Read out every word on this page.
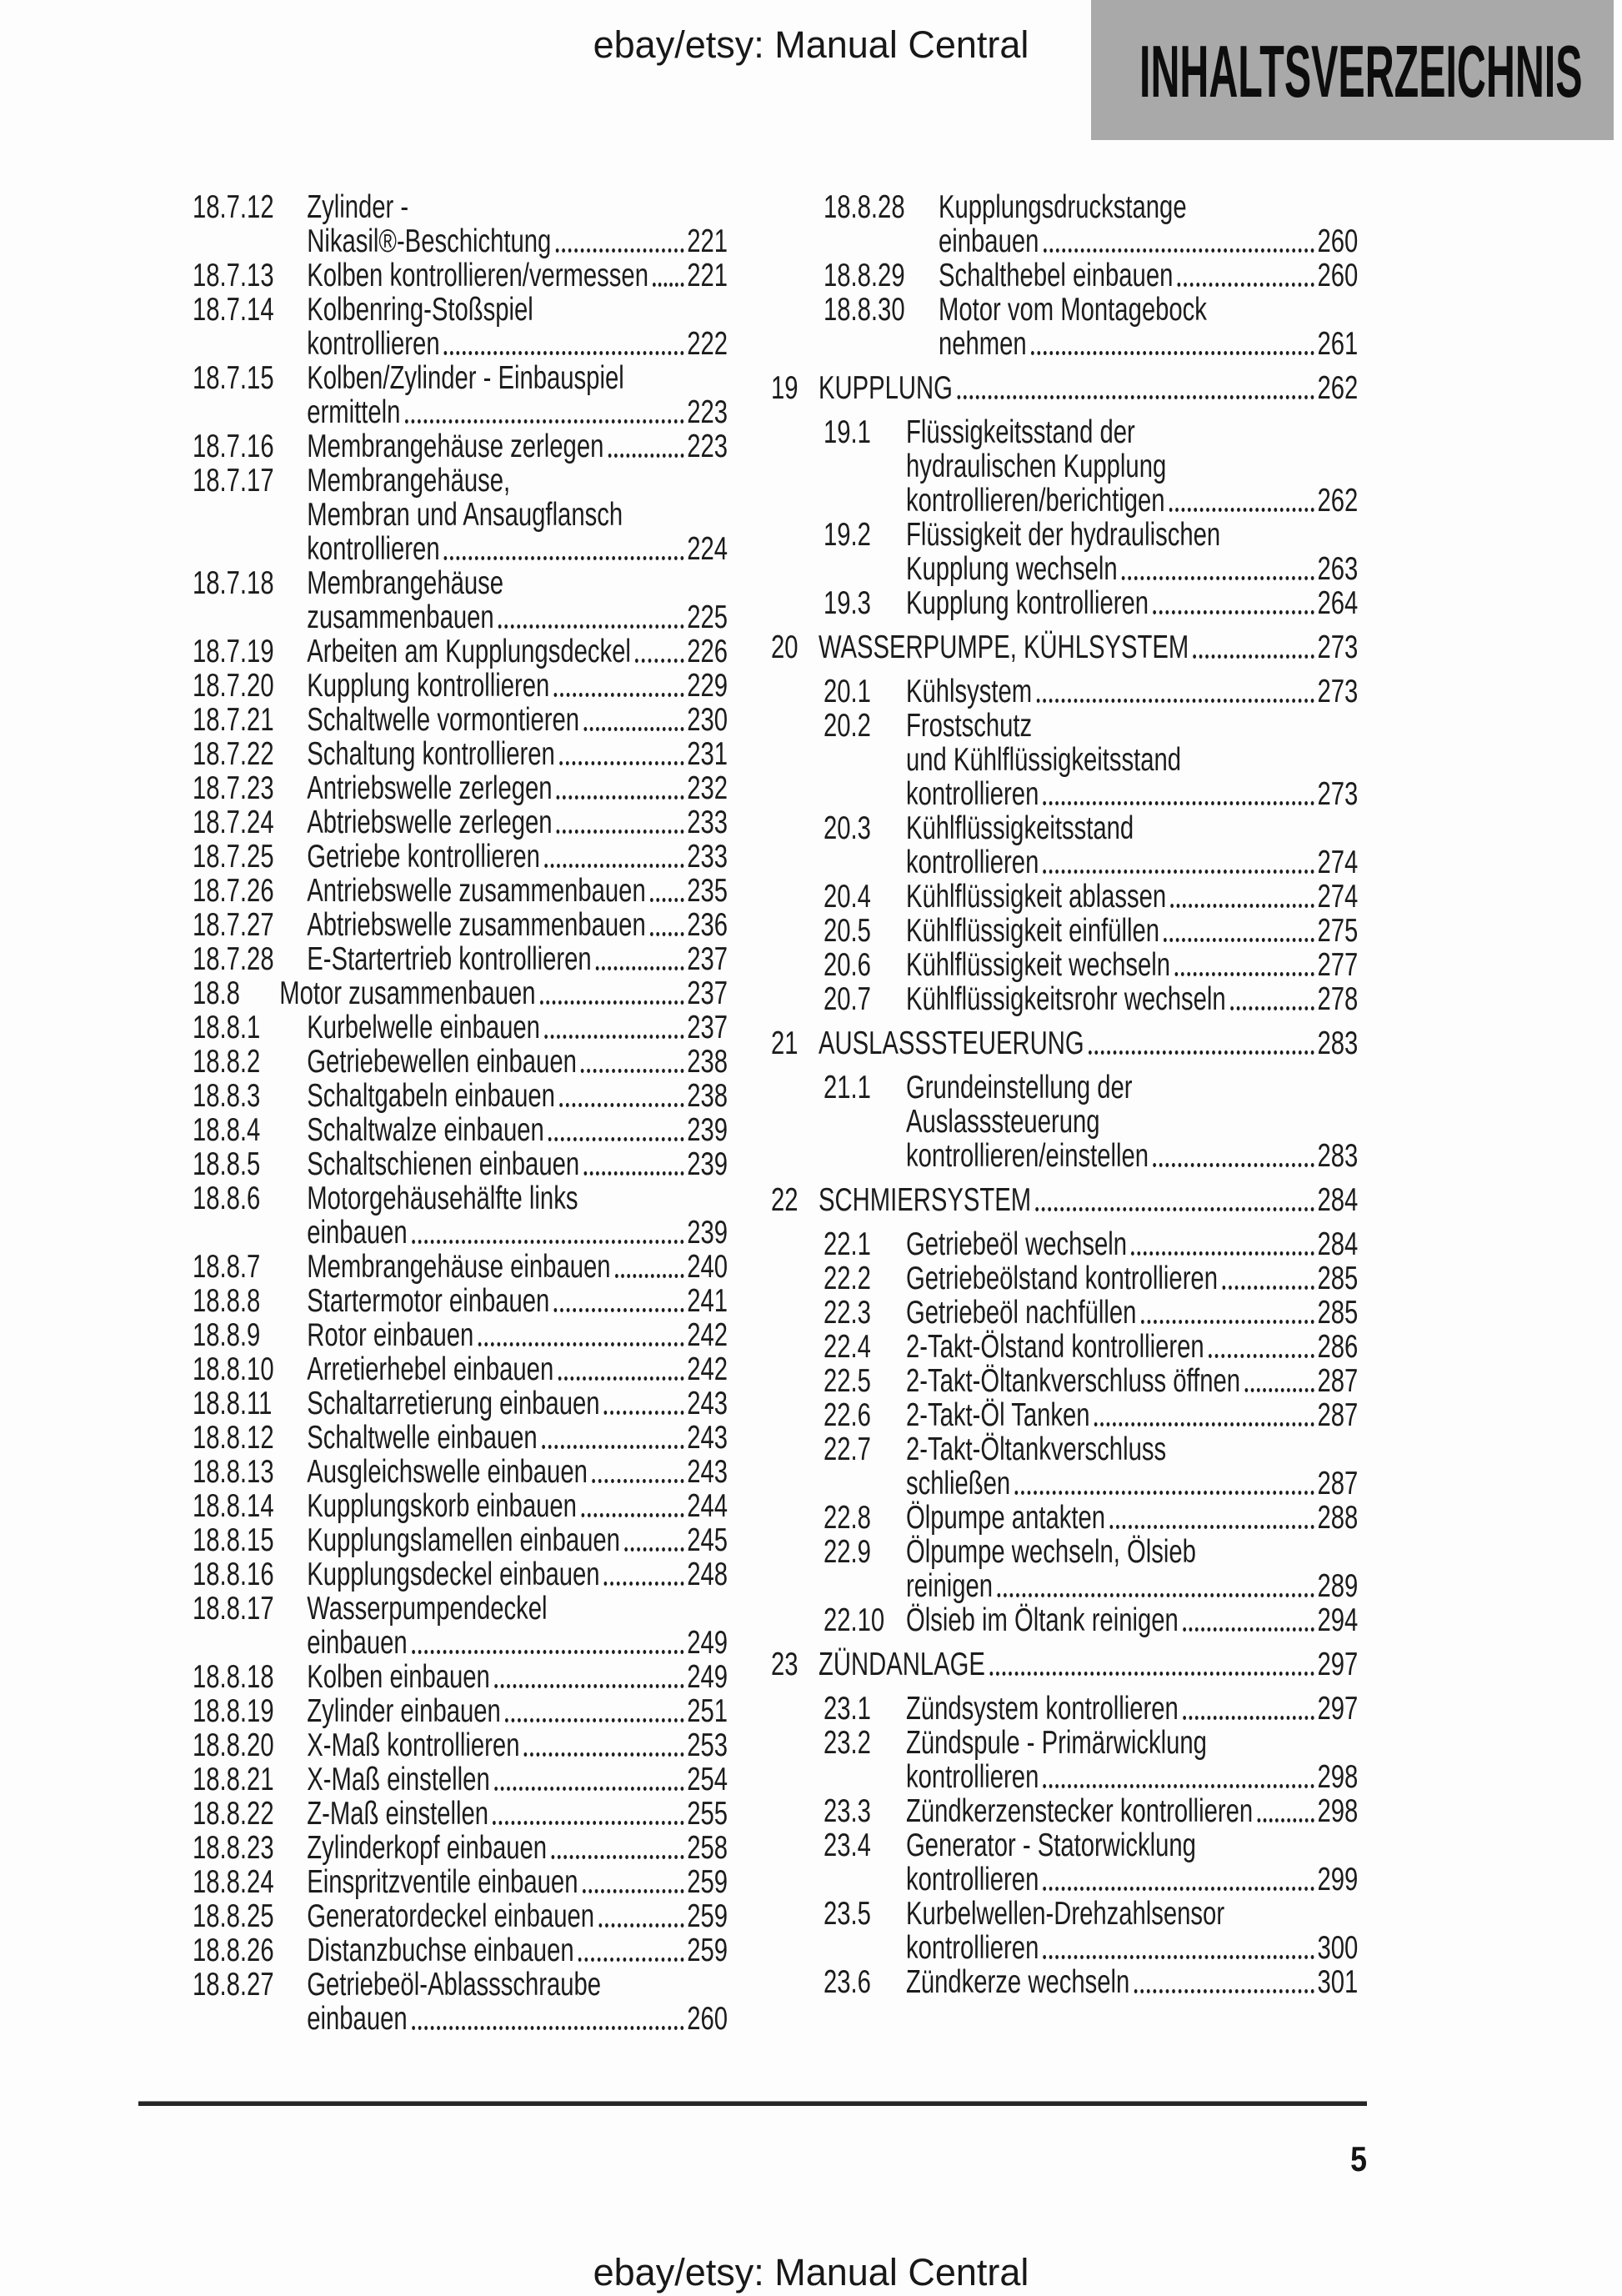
ebay/etsy: Manual Central	INHALTSVERZEICHNIS
18.7.12	Zylinder -
Nikasil®-Beschichtung	221
18.7.13	Kolben kontrollieren/vermessen 221
18.7.14	Kolbenring-Stoßspiel
kontrollieren	222
18.7.15	Kolben/Zylinder - Einbauspiel
ermitteln	223
18.7.16	Membrangehäuse zerlegen	223
18.7.17	Membrangehäuse,
Membran und Ansaugflansch
kontrollieren	224
18.7.18	Membrangehäuse
zusammenbauen	225
18.7.19	Arbeiten am Kupplungsdeckel 226
18.7.20	Kupplung kontrollieren	229
18.7.21	Schaltwelle vormontieren	230
18.7.22	Schaltung kontrollieren	231
18.7.23	Antriebswelle zerlegen	232
18.7.24	Abtriebswelle zerlegen	233
18.7.25	Getriebe kontrollieren	233
18.7.26	Antriebswelle zusammenbauen 235
18.7.27	Abtriebswelle zusammenbauen 236
18.7.28	E-Startertrieb kontrollieren	237
18.8	Motor zusammenbauen	237
18.8.1	Kurbelwelle einbauen	237
18.8.2	Getriebewellen einbauen	238
18.8.3	Schaltgabeln einbauen	238
18.8.4	Schaltwalze einbauen	239
18.8.5	Schaltschienen einbauen	239
18.8.6	Motorgehäusehälfte links
einbauen	239
18.8.7	Membrangehäuse einbauen 240
18.8.8	Startermotor einbauen	241
18.8.9	Rotor einbauen	242
18.8.10	Arretierhebel einbauen	242
18.8.11	Schaltarretierung einbauen	243
18.8.12	Schaltwelle einbauen	243
18.8.13	Ausgleichswelle einbauen	243
18.8.14	Kupplungskorb einbauen	244
18.8.15	Kupplungslamellen einbauen 245
18.8.16	Kupplungsdeckel einbauen	248
18.8.17	Wasserpumpendeckel
einbauen	249
18.8.18	Kolben einbauen	249
18.8.19	Zylinder einbauen	251
18.8.20	X-Maß kontrollieren	253
18.8.21	X-Maß einstellen	254
18.8.22	Z-Maß einstellen	255
18.8.23	Zylinderkopf einbauen	258
18.8.24	Einspritzventile einbauen	259
18.8.25	Generatordeckel einbauen	259
18.8.26	Distanzbuchse einbauen	259
18.8.27	Getriebeöl-Ablassschraube
einbauen	260
18.8.28	Kupplungsdruckstange
einbauen	260
18.8.29	Schalthebel einbauen	260
18.8.30	Motor vom Montagebock
nehmen	261
19 KUPPLUNG	262
19.1	Flüssigkeitsstand der
hydraulischen Kupplung
kontrollieren/berichtigen	262
19.2	Flüssigkeit der hydraulischen
Kupplung wechseln	263
19.3	Kupplung kontrollieren	264
20 WASSERPUMPE, KÜHLSYSTEM	273
20.1	Kühlsystem	273
20.2	Frostschutz
und Kühlflüssigkeitsstand
kontrollieren	273
20.3	Kühlflüssigkeitsstand
kontrollieren	274
20.4	Kühlflüssigkeit ablassen	274
20.5	Kühlflüssigkeit einfüllen	275
20.6	Kühlflüssigkeit wechseln	277
20.7	Kühlflüssigkeitsrohr wechseln	278
21 AUSLASSSTEUERUNG	283
21.1	Grundeinstellung der
Auslasssteuerung
kontrollieren/einstellen	283
22 SCHMIERSYSTEM	284
22.1	Getriebeöl wechseln	284
22.2	Getriebeölstand kontrollieren	285
22.3	Getriebeöl nachfüllen	285
22.4	2-Takt-Ölstand kontrollieren	286
22.5	2-Takt-Öltankverschluss öffnen 287
22.6	2-Takt-Öl Tanken	287
22.7	2-Takt-Öltankverschluss
schließen	287
22.8	Ölpumpe antakten	288
22.9	Ölpumpe wechseln, Ölsieb
reinigen	289
22.10 Ölsieb im Öltank reinigen	294
23 ZÜNDANLAGE	297
23.1	Zündsystem kontrollieren	297
23.2	Zündspule - Primärwicklung
kontrollieren	298
23.3	Zündkerzenstecker kontrollieren 298
23.4	Generator - Statorwicklung
kontrollieren	299
23.5	Kurbelwellen-Drehzahlsensor
kontrollieren	300
23.6	Zündkerze wechseln	301
5
ebay/etsy: Manual Central
